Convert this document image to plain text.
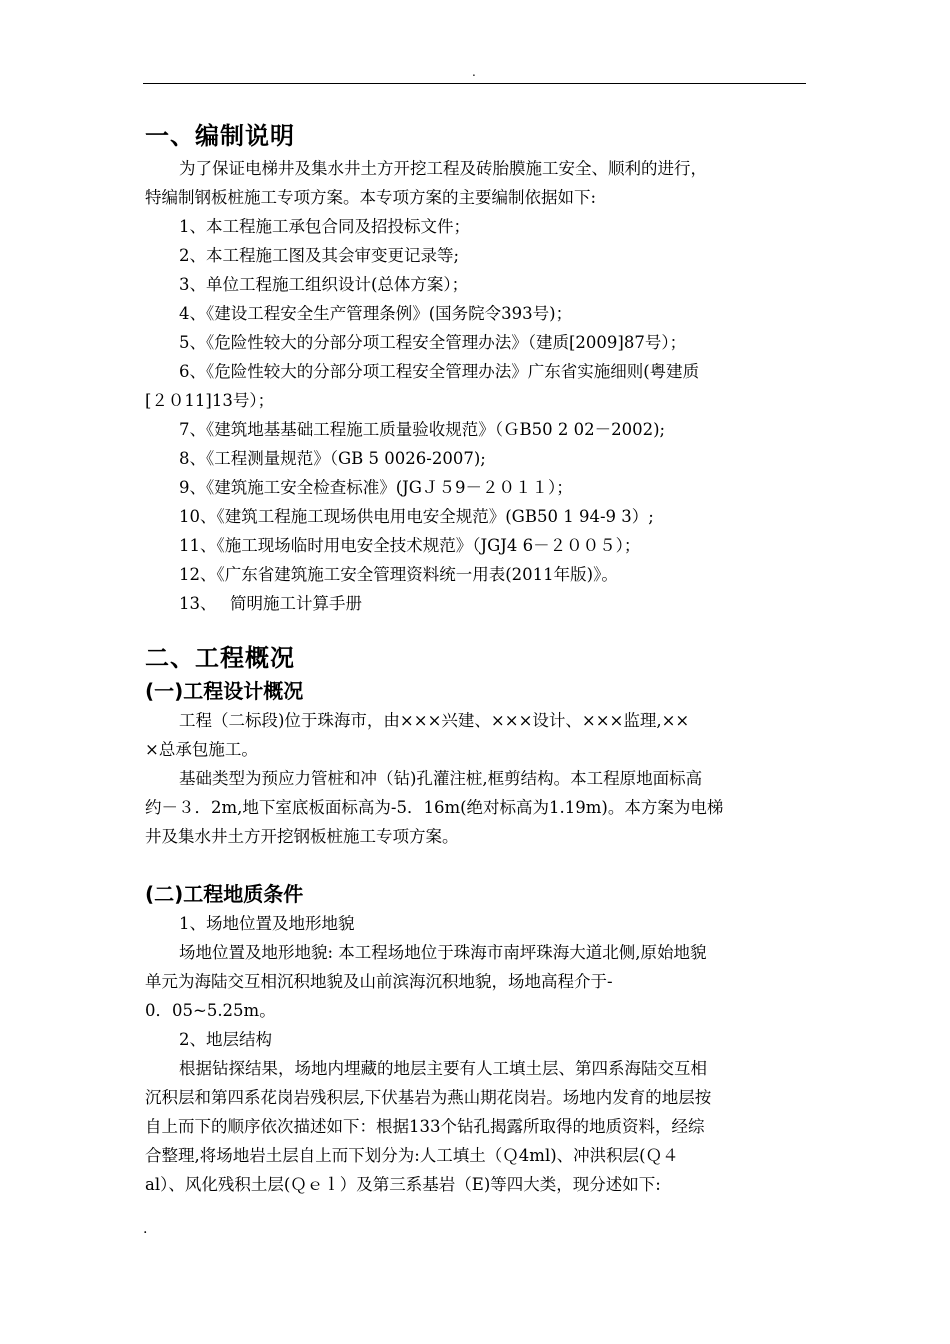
.
一、编制说明

为了保证电梯井及集水井土方开挖工程及砖胎膜施工安全、顺利的进行，

特编制钢板桩施工专项方案。本专项方案的主要编制依据如下:

1、本工程施工承包合同及招投标文件；

2、本工程施工图及其会审变更记录等;

3、单位工程施工组织设计(总体方案）；

4、《建设工程安全生产管理条例》(国务院令393号)；

5、《危险性较大的分部分项工程安全管理办法》（建质[2009]87号）；

6、《危险性较大的分部分项工程安全管理办法》广东省实施细则(粤建质

[２０11]13号）；

7、《建筑地基基础工程施工质量验收规范》（ＧB50 2 02－2002);

8、《工程测量规范》（GB 5 0026-2007);

9、《建筑施工安全检查标准》(JGＪ５9－２０１１）；

10、《建筑工程施工现场供电用电安全规范》(GB50 1 94-9 3）;

11、《施工现场临时用电安全技术规范》（JGJ4 6－２００５）；

12、《广东省建筑施工安全管理资料统一用表(2011年版)》。

13、　 简明施工计算手册

二、工程概况
(一)工程设计概况

工程（二标段)位于珠海市，由×××兴建、×××设计、×××监理,××

×总承包施工。

基础类型为预应力管桩和冲（钻)孔灌注桩,框剪结构。本工程原地面标高

约－３．2m,地下室底板面标高为-5．16m(绝对标高为1.19m)。本方案为电梯

井及集水井土方开挖钢板桩施工专项方案。

(二)工程地质条件

1、场地位置及地形地貌

场地位置及地形地貌: 本工程场地位于珠海市南坪珠海大道北侧,原始地貌

单元为海陆交互相沉积地貌及山前滨海沉积地貌，场地高程介于-

0．05~5.25m。

2、地层结构

根据钻探结果，场地内埋藏的地层主要有人工填土层、第四系海陆交互相

沉积层和第四系花岗岩残积层,下伏基岩为燕山期花岗岩。场地内发育的地层按

自上而下的顺序依次描述如下：根据133个钻孔揭露所取得的地质资料，经综

合整理,将场地岩土层自上而下划分为:人工填土（Ｑ4ml)、冲洪积层(Ｑ４

al）、风化残积土层(Ｑｅｌ）及第三系基岩（E)等四大类，现分述如下:

.
